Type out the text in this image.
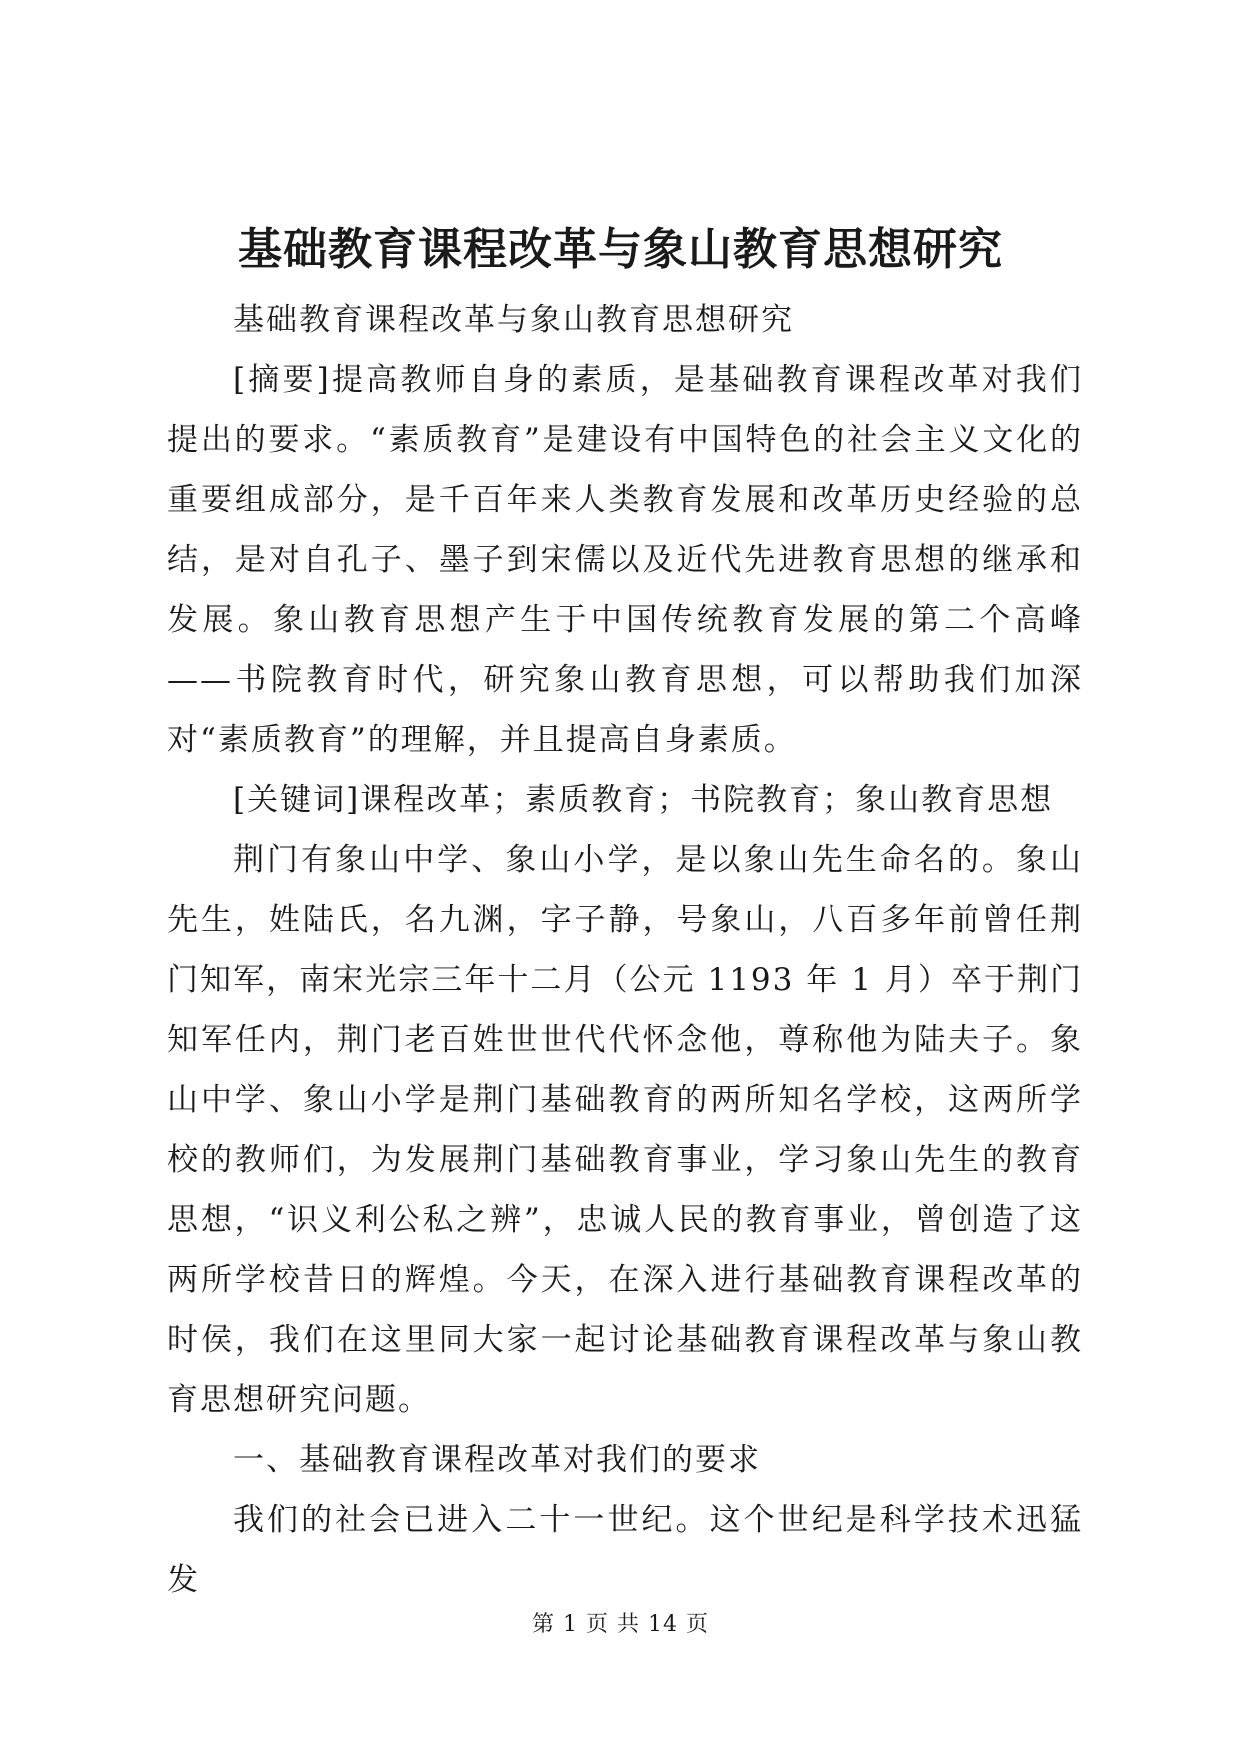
基础教育课程改革与象山教育思想研究

基础教育课程改革与象山教育思想研究

[摘要]提高教师自身的素质，是基础教育课程改革对我们提出的要求。“素质教育”是建设有中国特色的社会主义文化的重要组成部分，是千百年来人类教育发展和改革历史经验的总结，是对自孔子、墨子到宋儒以及近代先进教育思想的继承和发展。象山教育思想产生于中国传统教育发展的第二个高峰——书院教育时代，研究象山教育思想，可以帮助我们加深对“素质教育”的理解，并且提高自身素质。

[关键词]课程改革；素质教育；书院教育；象山教育思想

荆门有象山中学、象山小学，是以象山先生命名的。象山先生，姓陆氏，名九渊，字子静，号象山，八百多年前曾任荆门知军，南宋光宗三年十二月（公元 1193 年 1 月）卒于荆门知军任内，荆门老百姓世世代代怀念他，尊称他为陆夫子。象山中学、象山小学是荆门基础教育的两所知名学校，这两所学校的教师们，为发展荆门基础教育事业，学习象山先生的教育思想，“识义利公私之辨”，忠诚人民的教育事业，曾创造了这两所学校昔日的辉煌。今天，在深入进行基础教育课程改革的时侯，我们在这里同大家一起讨论基础教育课程改革与象山教育思想研究问题。

一、基础教育课程改革对我们的要求

我们的社会已进入二十一世纪。这个世纪是科学技术迅猛发

第 1 页 共 14 页
